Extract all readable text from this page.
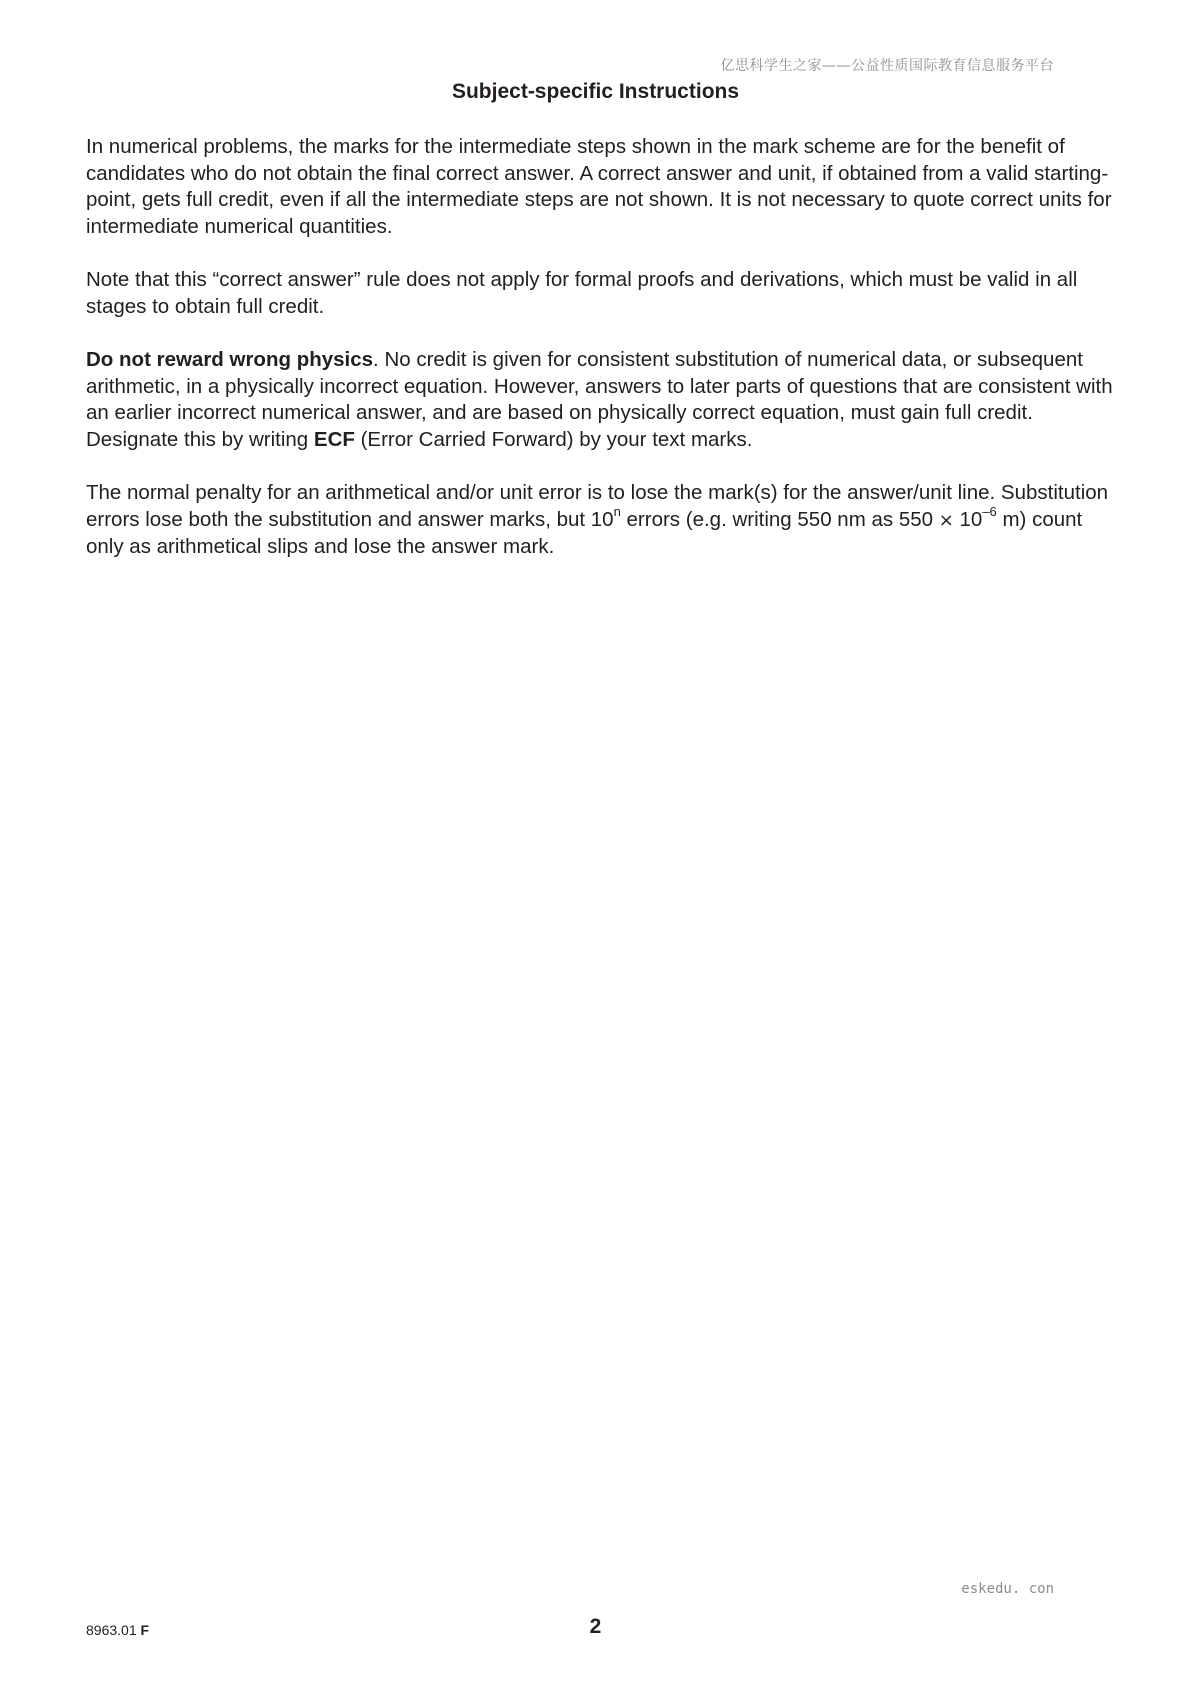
亿思科学生之家——公益性质国际教育信息服务平台
Subject-specific Instructions

In numerical problems, the marks for the intermediate steps shown in the mark scheme are for the benefit of candidates who do not obtain the final correct answer. A correct answer and unit, if obtained from a valid starting-point, gets full credit, even if all the intermediate steps are not shown. It is not necessary to quote correct units for intermediate numerical quantities.

Note that this “correct answer” rule does not apply for formal proofs and derivations, which must be valid in all stages to obtain full credit.

Do not reward wrong physics. No credit is given for consistent substitution of numerical data, or subsequent arithmetic, in a physically incorrect equation. However, answers to later parts of questions that are consistent with an earlier incorrect numerical answer, and are based on physically correct equation, must gain full credit. Designate this by writing ECF (Error Carried Forward) by your text marks.

The normal penalty for an arithmetical and/or unit error is to lose the mark(s) for the answer/unit line. Substitution errors lose both the substitution and answer marks, but 10$^n$ errors (e.g. writing 550 nm as $550 \times 10^{-6}$ m) count only as arithmetical slips and lose the answer mark.

eskedu. con
8963.01 F	2
